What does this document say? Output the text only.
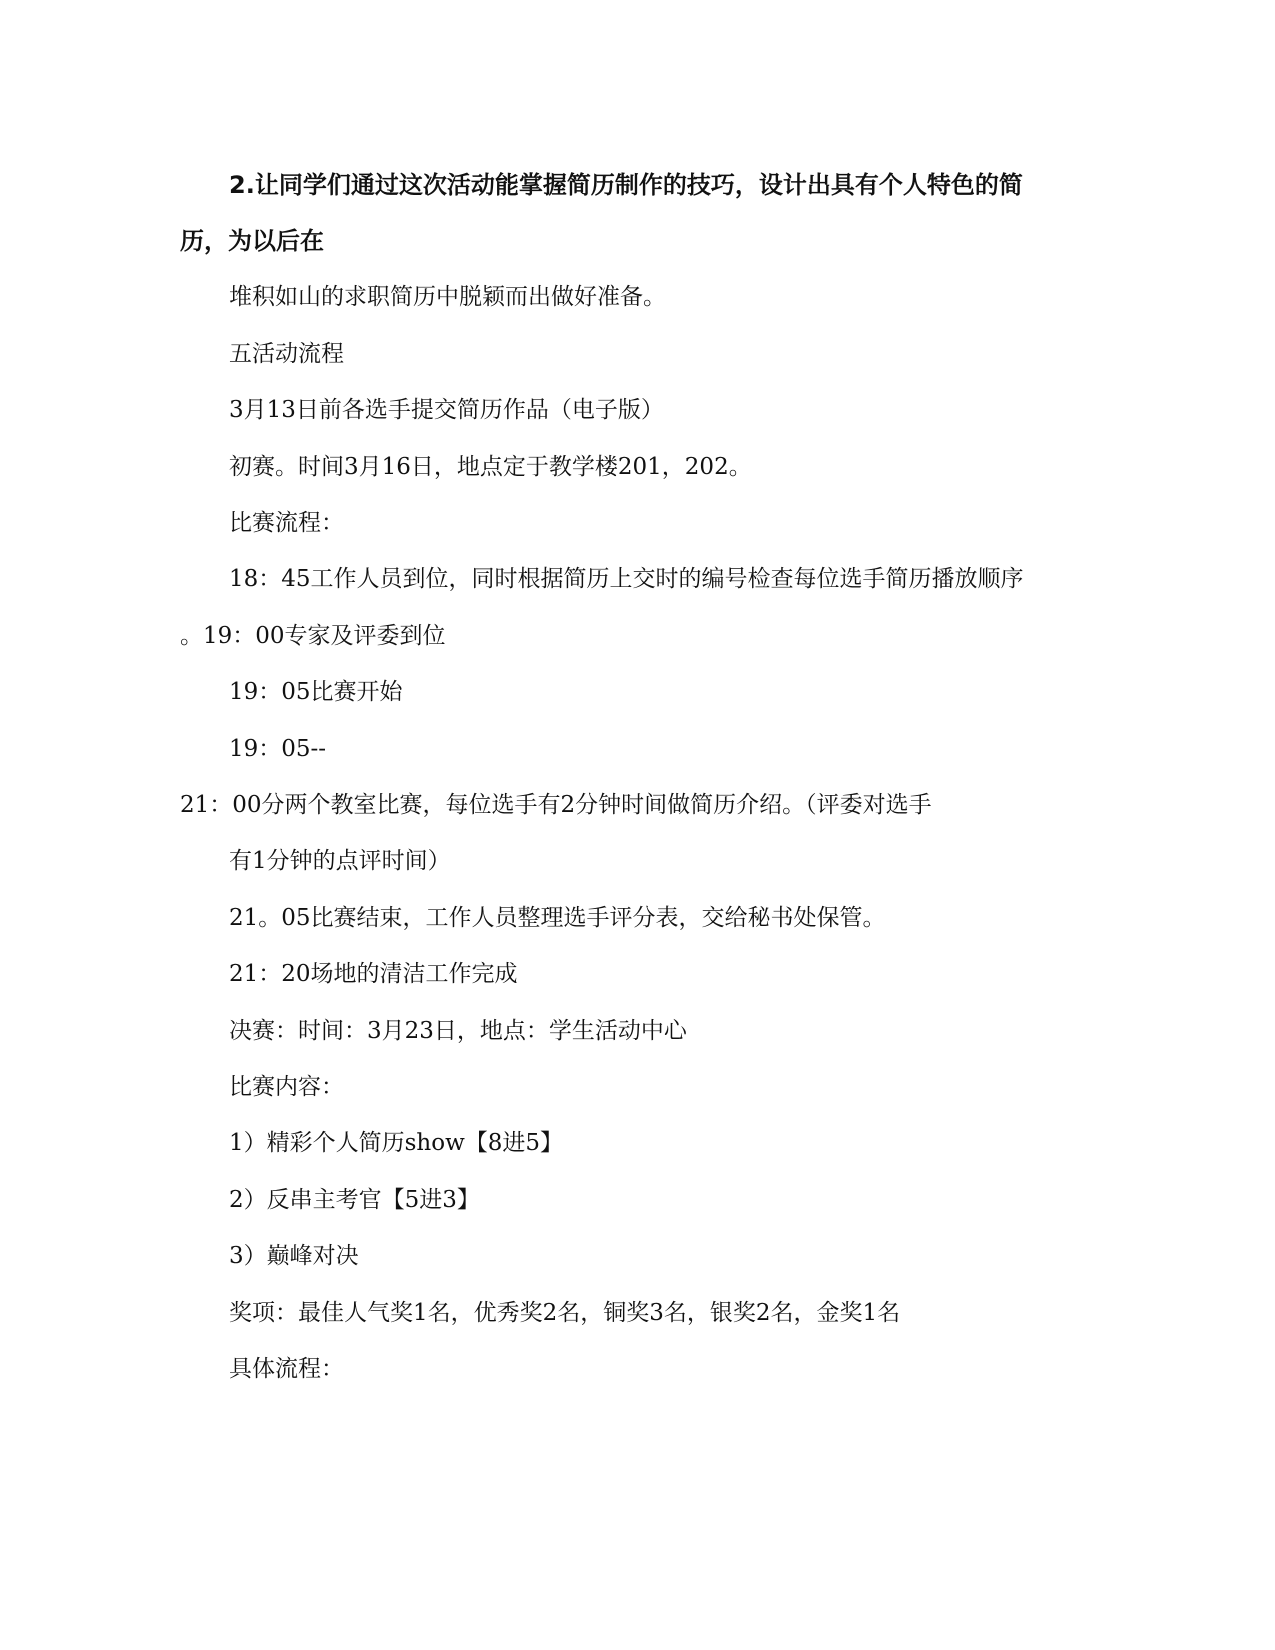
2.让同学们通过这次活动能掌握简历制作的技巧，设计出具有个人特色的简
历，为以后在
堆积如山的求职简历中脱颖而出做好准备。
五活动流程
3月13日前各选手提交简历作品（电子版）
初赛。时间3月16日，地点定于教学楼201，202。
比赛流程：
18：45工作人员到位，同时根据简历上交时的编号检查每位选手简历播放顺序
。19：00专家及评委到位
19：05比赛开始
19：05--
21：00分两个教室比赛，每位选手有2分钟时间做简历介绍。（评委对选手
有1分钟的点评时间）
21。05比赛结束，工作人员整理选手评分表，交给秘书处保管。
21：20场地的清洁工作完成
决赛：时间：3月23日，地点：学生活动中心
比赛内容：
1）精彩个人简历show【8进5】
2）反串主考官【5进3】
3）巅峰对决
奖项：最佳人气奖1名，优秀奖2名，铜奖3名，银奖2名，金奖1名
具体流程：
